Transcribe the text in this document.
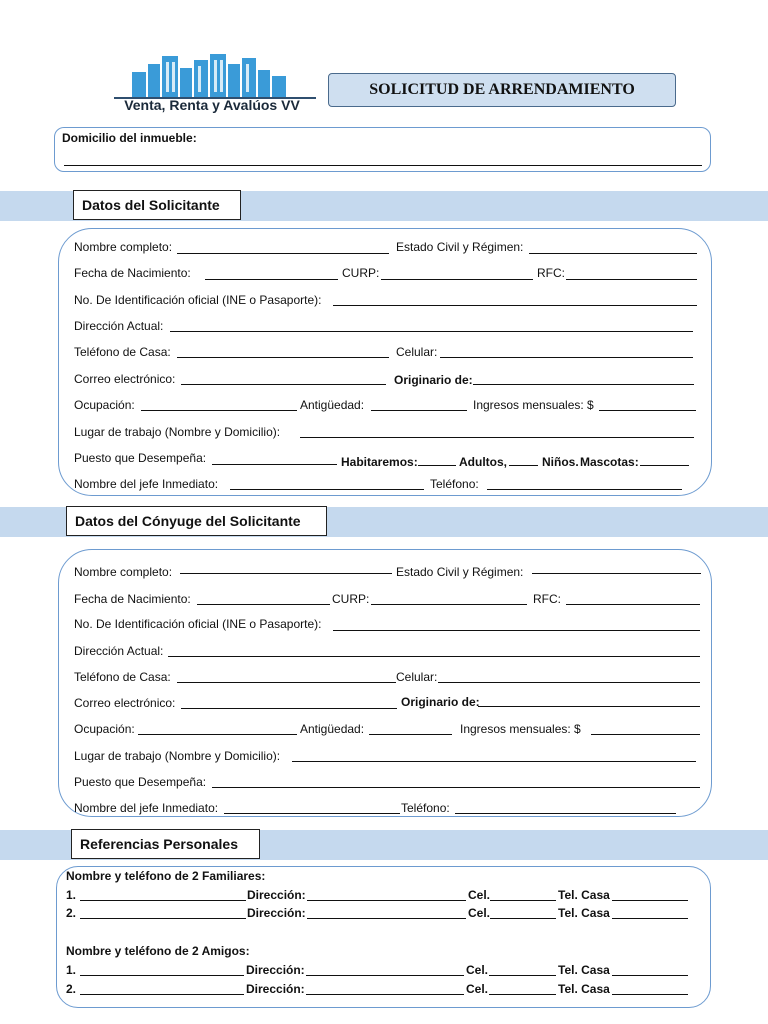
Venta, Renta y Avalúos VV
SOLICITUD DE ARRENDAMIENTO
Domicilio del inmueble:
Datos del Solicitante
Nombre completo:	Estado Civil y Régimen:
Fecha de Nacimiento:	CURP:	RFC:
No. De Identificación oficial (INE o Pasaporte):
Dirección Actual:
Teléfono de Casa:	Celular:
Correo electrónico:	Originario de:
Ocupación:	Antigüedad:	Ingresos mensuales: $
Lugar de trabajo (Nombre y Domicilio):
Puesto que Desempeña:	Habitaremos:	Adultos,	Niños. Mascotas:
Nombre del jefe Inmediato:	Teléfono:
Datos del Cónyuge del Solicitante
Nombre completo:	Estado Civil y Régimen:
Fecha de Nacimiento:	CURP:	RFC:
No. De Identificación oficial (INE o Pasaporte):
Dirección Actual:
Teléfono de Casa:	Celular:
Correo electrónico:	Originario de:
Ocupación:	Antigüedad:	Ingresos mensuales: $
Lugar de trabajo (Nombre y Domicilio):
Puesto que Desempeña:
Nombre del jefe Inmediato:	Teléfono:
Referencias Personales
Nombre y teléfono de 2 Familiares:
1.	Dirección:	Cel.	Tel. Casa
2.	Dirección:	Cel.	Tel. Casa
Nombre y teléfono de 2 Amigos:
1.	Dirección:	Cel.	Tel. Casa
2.	Dirección:	Cel.	Tel. Casa
